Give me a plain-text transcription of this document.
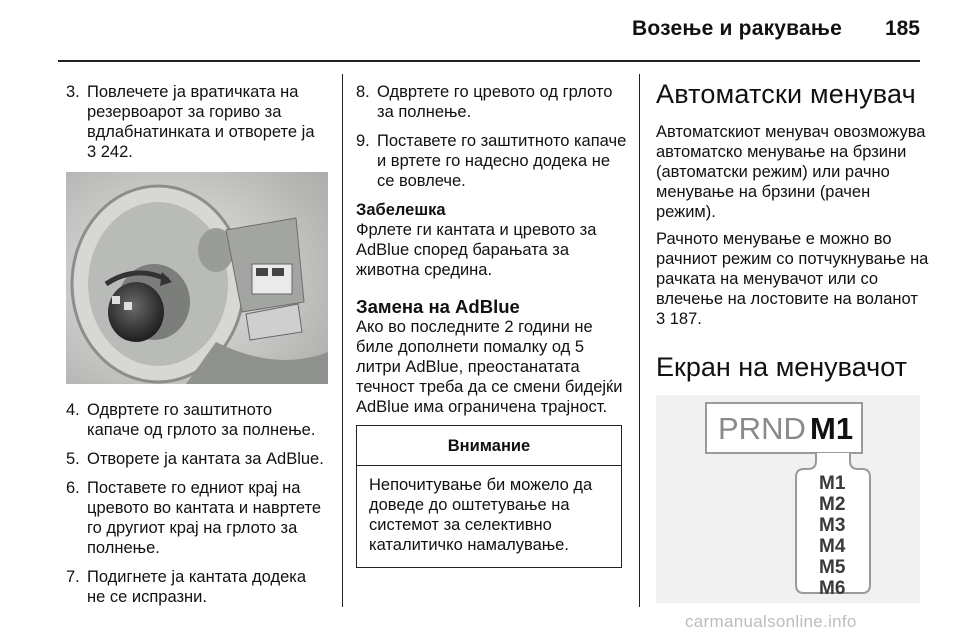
Возење и ракување 185
3. Повлечете ја вратичката на резервоарот за гориво за вдлабнатинката и отворете ја
3 242.
4. Одвртете го заштитното капаче од грлото за полнење.
5. Отворете ја кантата за AdBlue.
6. Поставете го едниот крај на цревото во кантата и навртете го другиот крај на грлото за полнење.
7. Подигнете ја кантата додека не се испразни.
8. Одвртете го цревото од грлото за полнење.
9. Поставете го заштитното капаче и вртете го надесно додека не се вовлече.
Забелешка
Фрлете ги кантата и цревото за AdBlue според барањата за животна средина.
Замена на AdBlue
Ако во последните 2 години не биле дополнети помалку од 5 литри AdBlue, преостанатата течност треба да се смени бидејќи AdBlue има ограничена трајност.
Внимание
Непочитување би можело да доведе до оштетување на системот за селективно каталитичко намалување.
Автоматски менувач
Автоматскиот менувач овозможува автоматско менување на брзини (автоматски режим) или рачно менување на брзини (рачен режим).
Рачното менување е можно во рачниот режим со потчукнување на рачката на менувачот или со влечење на лостовите на воланот
3 187.
Екран на менувачот
PRND M1
M1
M2
M3
M4
M5
M6
carmanualsonline.info
